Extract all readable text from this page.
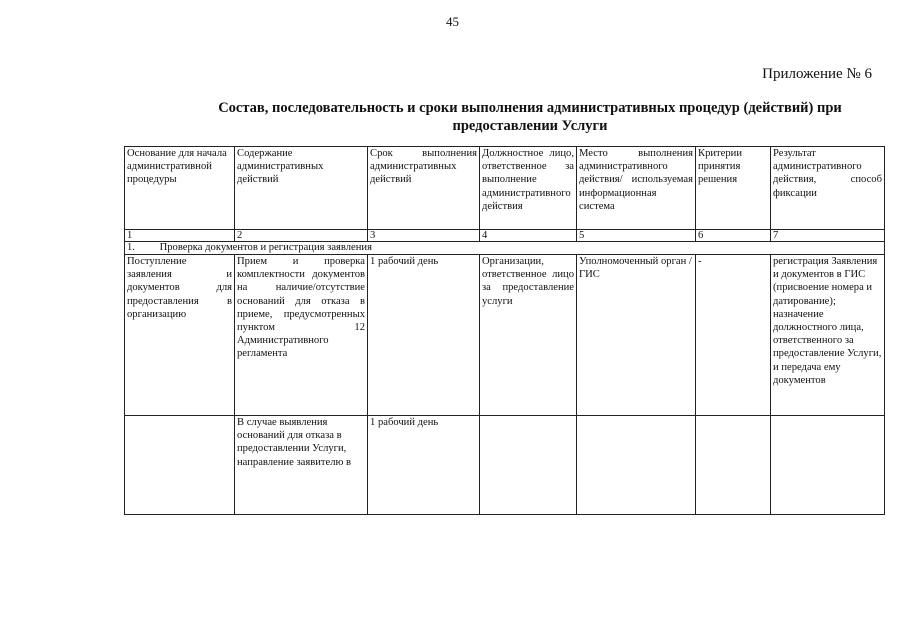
45
Приложение № 6
Состав, последовательность и сроки выполнения административных процедур (действий) при предоставлении Услуги
Основание для начала административной процедуры	Содержание административных действий	Срок выполнения административных действий	Должностное лицо, ответственное за выполнение административного действия	Место выполнения административного действия/ используемая информационная система	Критерии принятия решения	Результат административного действия, способ фиксации
1	2	3	4	5	6	7
1. Проверка документов и регистрация заявления						
Поступление заявления и документов для предоставления в организацию	Прием и проверка комплектности документов на наличие/отсутствие оснований для отказа в приеме, предусмотренных пунктом 12 Административного регламента	1 рабочий день	Организации, ответственное лицо за предоставление услуги	Уполномоченный орган / ГИС	-	регистрация Заявления и документов в ГИС (присвоение номера и датирование); назначение должностного лица, ответственного за предоставление Услуги, и передача ему документов
	В случае выявления оснований для отказа в предоставлении Услуги, направление заявителю в	1 рабочий день				
